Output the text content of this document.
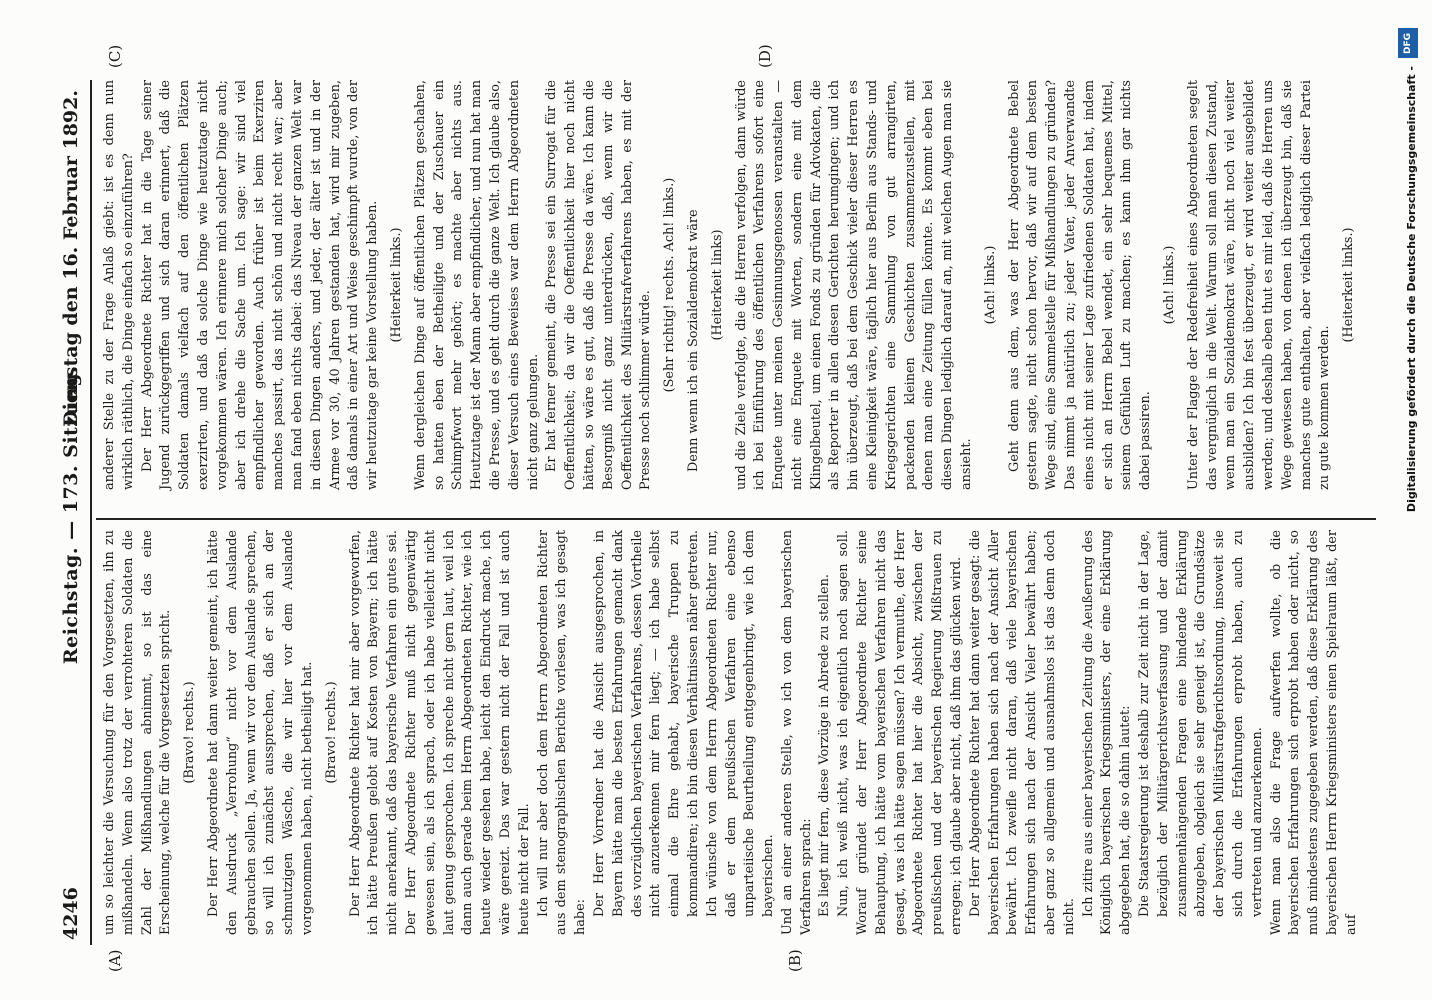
4246
Reichstag. — 173. Sitzung.
Dienstag den 16. Februar 1892.
(A)	(B)
(C)	(D)

um so leichter die Versuchung für den Vorgesetzten, ihn zu mißhandeln. Wenn also trotz der verrohteren Soldaten die Zahl der Mißhandlungen abnimmt, so ist das eine Erscheinung, welche für die Vorgesetzten spricht. (Bravo! rechts.) Der Herr Abgeordnete hat dann weiter gemeint, ich hätte den Ausdruck „Verrohung“ nicht vor dem Auslande gebrauchen sollen. Ja, wenn wir vor dem Auslande sprechen, so will ich zunächst aussprechen, daß er sich an der schmutzigen Wäsche, die wir hier vor dem Auslande vorgenommen haben, nicht betheiligt hat. (Bravo! rechts.) Der Herr Abgeordnete Richter hat mir aber vorgeworfen, ich hätte Preußen gelobt auf Kosten von Bayern; ich hätte nicht anerkannt, daß das bayerische Verfahren ein gutes sei. Der Herr Abgeordnete Richter muß nicht gegenwärtig gewesen sein, als ich sprach, oder ich habe vielleicht nicht laut genug gesprochen. Ich spreche nicht gern laut, weil ich dann auch gerade beim Herrn Abgeordneten Richter, wie ich heute wieder gesehen habe, leicht den Eindruck mache, ich wäre gereizt. Das war gestern nicht der Fall und ist auch heute nicht der Fall. Ich will nur aber doch dem Herrn Abgeordneten Richter aus dem stenographischen Berichte vorlesen, was ich gesagt habe:

Der Herr Vorredner hat die Ansicht ausgesprochen, in Bayern hätte man die besten Erfahrungen gemacht dank des vorzüglichen bayerischen Verfahrens, dessen Vortheile nicht anzuerkennen mir fern liegt; — ich habe selbst einmal die Ehre gehabt, bayerische Truppen zu kommandiren; ich bin diesen Verhältnissen näher getreten. Ich wünsche von dem Herrn Abgeordneten Richter nur, daß er dem preußischen Verfahren eine ebenso unparteiische Beurtheilung entgegenbringt, wie ich dem bayerischen. Und an einer anderen Stelle, wo ich von dem bayerischen Verfahren sprach: Es liegt mir fern, diese Vorzüge in Abrede zu stellen. Nun, ich weiß nicht, was ich eigentlich noch sagen soll. Worauf gründet der Herr Abgeordnete Richter seine Behauptung, ich hätte vom bayerischen Verfahren nicht das gesagt, was ich hätte sagen müssen? Ich vermuthe, der Herr Abgeordnete Richter hat hier die Absicht, zwischen der preußischen und der bayerischen Regierung Mißtrauen zu erregen; ich glaube aber nicht, daß ihm das glücken wird. Der Herr Abgeordnete Richter hat dann weiter gesagt: die bayerischen Erfahrungen haben sich nach der Ansicht Aller bewährt. Ich zweifle nicht daran, daß viele bayerischen Erfahrungen sich nach der Ansicht Vieler bewährt haben; aber ganz so allgemein und ausnahmslos ist das denn doch nicht. Ich zitire aus einer bayerischen Zeitung die Aeußerung des Königlich bayerischen Kriegsministers, der eine Erklärung abgegeben hat, die so dahin lautet: Die Staatsregierung ist deshalb zur Zeit nicht in der Lage, bezüglich der Militärgerichtsverfassung und der damit zusammenhängenden Fragen eine bindende Erklärung abzugeben, obgleich sie sehr geneigt ist, die Grundsätze der bayerischen Militärstrafgerichtsordnung, insoweit sie sich durch die Erfahrungen erprobt haben, auch zu vertreten und anzuerkennen. Wenn man also die Frage aufwerfen wollte, ob die bayerischen Erfahrungen sich erprobt haben oder nicht, so muß mindestens zugegeben werden, daß diese Erklärung des bayerischen Herrn Kriegsministers einen Spielraum läßt, der auf

anderer Stelle zu der Frage Anlaß giebt: ist es denn nun wirklich räthlich, die Dinge einfach so einzuführen? Der Herr Abgeordnete Richter hat in die Tage seiner Jugend zurückgegriffen und sich daran erinnert, daß die Soldaten damals vielfach auf den öffentlichen Plätzen exerzirten, und daß da solche Dinge wie heutzutage nicht vorgekommen wären. Ich erinnere mich solcher Dinge auch; aber ich drehe die Sache um. Ich sage: wir sind viel empfindlicher geworden. Auch früher ist beim Exerziren manches passirt, das nicht schön und nicht recht war; aber man fand eben nichts dabei: das Niveau der ganzen Welt war in diesen Dingen anders, und jeder, der älter ist und in der Armee vor 30, 40 Jahren gestanden hat, wird mir zugeben, daß damals in einer Art und Weise geschimpft wurde, von der wir heutzutage gar keine Vorstellung haben. (Heiterkeit links.) Wenn dergleichen Dinge auf öffentlichen Plätzen geschahen, so hatten eben der Betheiligte und der Zuschauer ein Schimpfwort mehr gehört; es machte aber nichts aus. Heutzutage ist der Mann aber empfindlicher, und nun hat man die Presse, und es geht durch die ganze Welt. Ich glaube also, dieser Versuch eines Beweises war dem Herrn Abgeordneten nicht ganz gelungen. Er hat ferner gemeint, die Presse sei ein Surrogat für die Oeffentlichkeit; da wir die Oeffentlichkeit hier noch nicht hätten, so wäre es gut, daß die Presse da wäre. Ich kann die Besorgniß nicht ganz unterdrücken, daß, wenn wir die Oeffentlichkeit des Militärstrafverfahrens haben, es mit der Presse noch schlimmer würde. (Sehr richtig! rechts. Ach! links.) Denn wenn ich ein Sozialdemokrat wäre (Heiterkeit links) und die Ziele verfolgte, die die Herren verfolgen, dann würde ich bei Einführung des öffentlichen Verfahrens sofort eine Enquete unter meinen Gesinnungsgenossen veranstalten — nicht eine Enquete mit Worten, sondern eine mit dem Klingelbeutel, um einen Fonds zu gründen für Advokaten, die als Reporter in allen diesen Gerichten herumgingen; und ich bin überzeugt, daß bei dem Geschick vieler dieser Herren es eine Kleinigkeit wäre, täglich hier aus Berlin aus Stands- und Kriegsgerichten eine Sammlung von gut arrangirten, packenden kleinen Geschichten zusammenzustellen, mit denen man eine Zeitung füllen könnte. Es kommt eben bei diesen Dingen lediglich darauf an, mit welchen Augen man sie ansieht.

(Ach! links.) Geht denn aus dem, was der Herr Abgeordnete Bebel gestern sagte, nicht schon hervor, daß wir auf dem besten Wege sind, eine Sammelstelle für Mißhandlungen zu gründen? Das nimmt ja natürlich zu; jeder Vater, jeder Anverwandte eines nicht mit seiner Lage zufriedenen Soldaten hat, indem er sich an Herrn Bebel wendet, ein sehr bequemes Mittel, seinem Gefühlen Luft zu machen; es kann ihm gar nichts dabei passiren.

(Ach! links.) Unter der Flagge der Redefreiheit eines Abgeordneten segelt das vergnüglich in die Welt. Warum soll man diesen Zustand, wenn man ein Sozialdemokrat wäre, nicht noch viel weiter ausbilden? Ich bin fest überzeugt, er wird weiter ausgebildet werden; und deshalb eben thut es mir leid, daß die Herren uns Wege gewiesen haben, von denen ich überzeugt bin, daß sie manches gute enthalten, aber vielfach lediglich dieser Partei zu gute kommen werden.

(Heiterkeit links.)

DFG
Digitalisierung gefördert durch die Deutsche Forschungsgemeinschaft -
